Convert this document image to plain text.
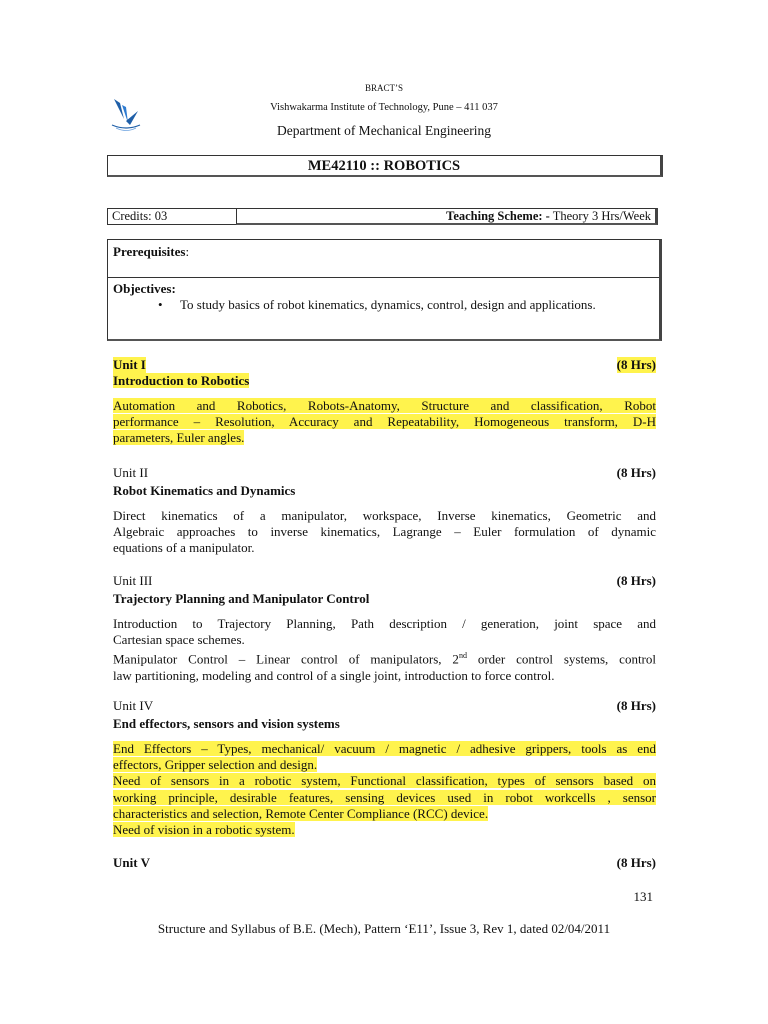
BRACT’S
Vishwakarma Institute of Technology, Pune – 411 037
Department of Mechanical Engineering
ME42110 :: ROBOTICS
Credits: 03	Teaching Scheme: - Theory 3 Hrs/Week
Prerequisites:
Objectives:
• To study basics of robot kinematics, dynamics, control, design and applications.
Unit I	(8 Hrs)
Introduction to Robotics
Automation and Robotics, Robots-Anatomy, Structure and classification, Robot
performance – Resolution, Accuracy and Repeatability, Homogeneous transform, D-H
parameters, Euler angles.
Unit II	(8 Hrs)
Robot Kinematics and Dynamics
Direct kinematics of a manipulator, workspace, Inverse kinematics, Geometric and
Algebraic approaches to inverse kinematics, Lagrange – Euler formulation of dynamic
equations of a manipulator.
Unit III	(8 Hrs)
Trajectory Planning and Manipulator Control
Introduction to Trajectory Planning, Path description / generation, joint space and
Cartesian space schemes.
Manipulator Control – Linear control of manipulators, 2nd order control systems, control
law partitioning, modeling and control of a single joint, introduction to force control.
Unit IV	(8 Hrs)
End effectors, sensors and vision systems
End Effectors – Types, mechanical/ vacuum / magnetic / adhesive grippers, tools as end
effectors, Gripper selection and design.
Need of sensors in a robotic system, Functional classification, types of sensors based on
working principle, desirable features, sensing devices used in robot workcells , sensor
characteristics and selection, Remote Center Compliance (RCC) device.
Need of vision in a robotic system.
Unit V	(8 Hrs)
131
Structure and Syllabus of B.E. (Mech), Pattern ‘E11’, Issue 3, Rev 1, dated 02/04/2011
